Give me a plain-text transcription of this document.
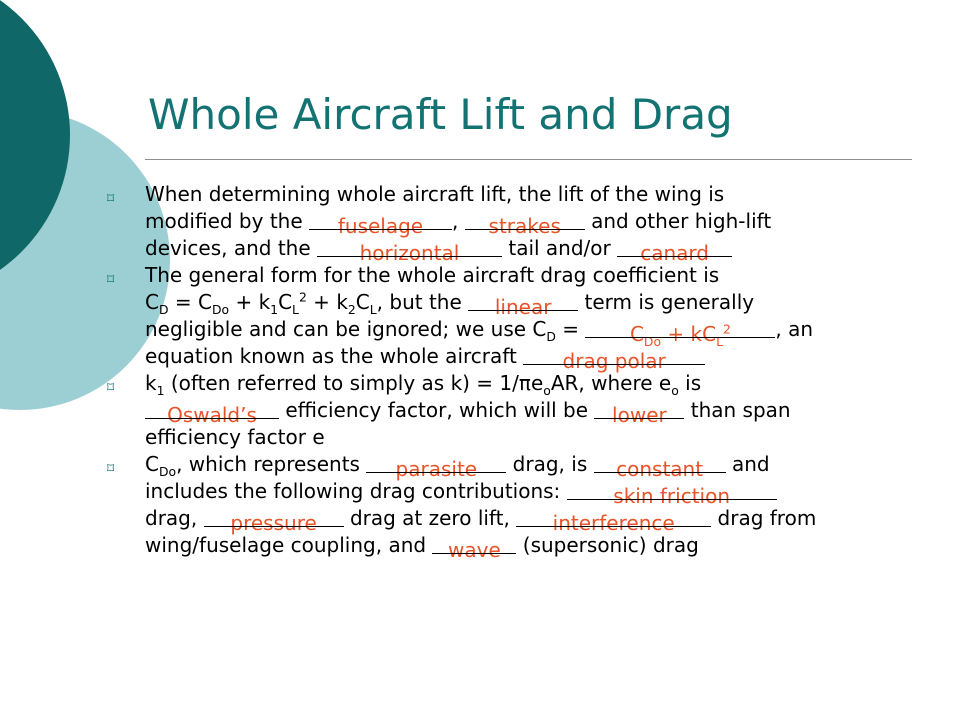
Whole Aircraft Lift and Drag
⌑
⌑
⌑
⌑
When determining whole aircraft lift, the lift of the wing is
modified by the	fuselage	,	strakes	and other high-lift
devices, and the	horizontal	tail and/or	canard
The general form for the whole aircraft drag coefficient is
$C_D = C_{Do} + k_1C_L^2 + k_2C_L$, but the	linear	term is generally
negligible and can be ignored; we use $C_D$ =	$C_{Do} + kC_L^2$	, an
equation known as the whole aircraft	drag polar
$k_1$ (often referred to simply as $k) = 1/\pi e_oAR$, where $e_o$ is
Oswald’s	efficiency factor, which will be lower than span
efficiency factor e
$C_{Do}$, which represents	parasite	drag, is	constant	and
includes the following drag contributions:	skin friction
drag,	pressure	drag at zero lift,	interference	drag from
wing/fuselage coupling, and wave (supersonic) drag
